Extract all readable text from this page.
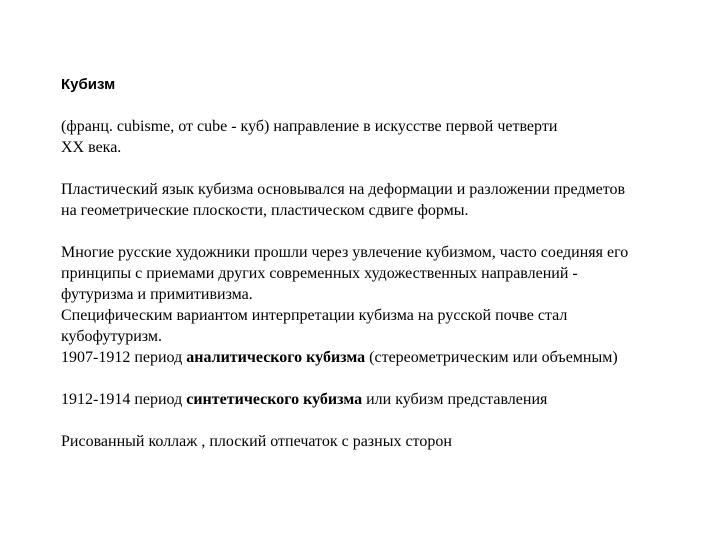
Кубизм

(франц. cubisme, от cube - куб) направление в искусстве первой четверти
XX века.

Пластический язык кубизма основывался на деформации и разложении предметов
на геометрические плоскости, пластическом сдвиге формы.

Многие русские художники прошли через увлечение кубизмом, часто соединяя его
принципы с приемами других современных художественных направлений -
футуризма и примитивизма.

Специфическим вариантом интерпретации кубизма на русской почве стал
кубофутуризм.

1907-1912 период аналитического кубизма (стереометрическим или объемным)

1912-1914 период синтетического кубизма или кубизм представления

Рисованный коллаж , плоский отпечаток с разных сторон
